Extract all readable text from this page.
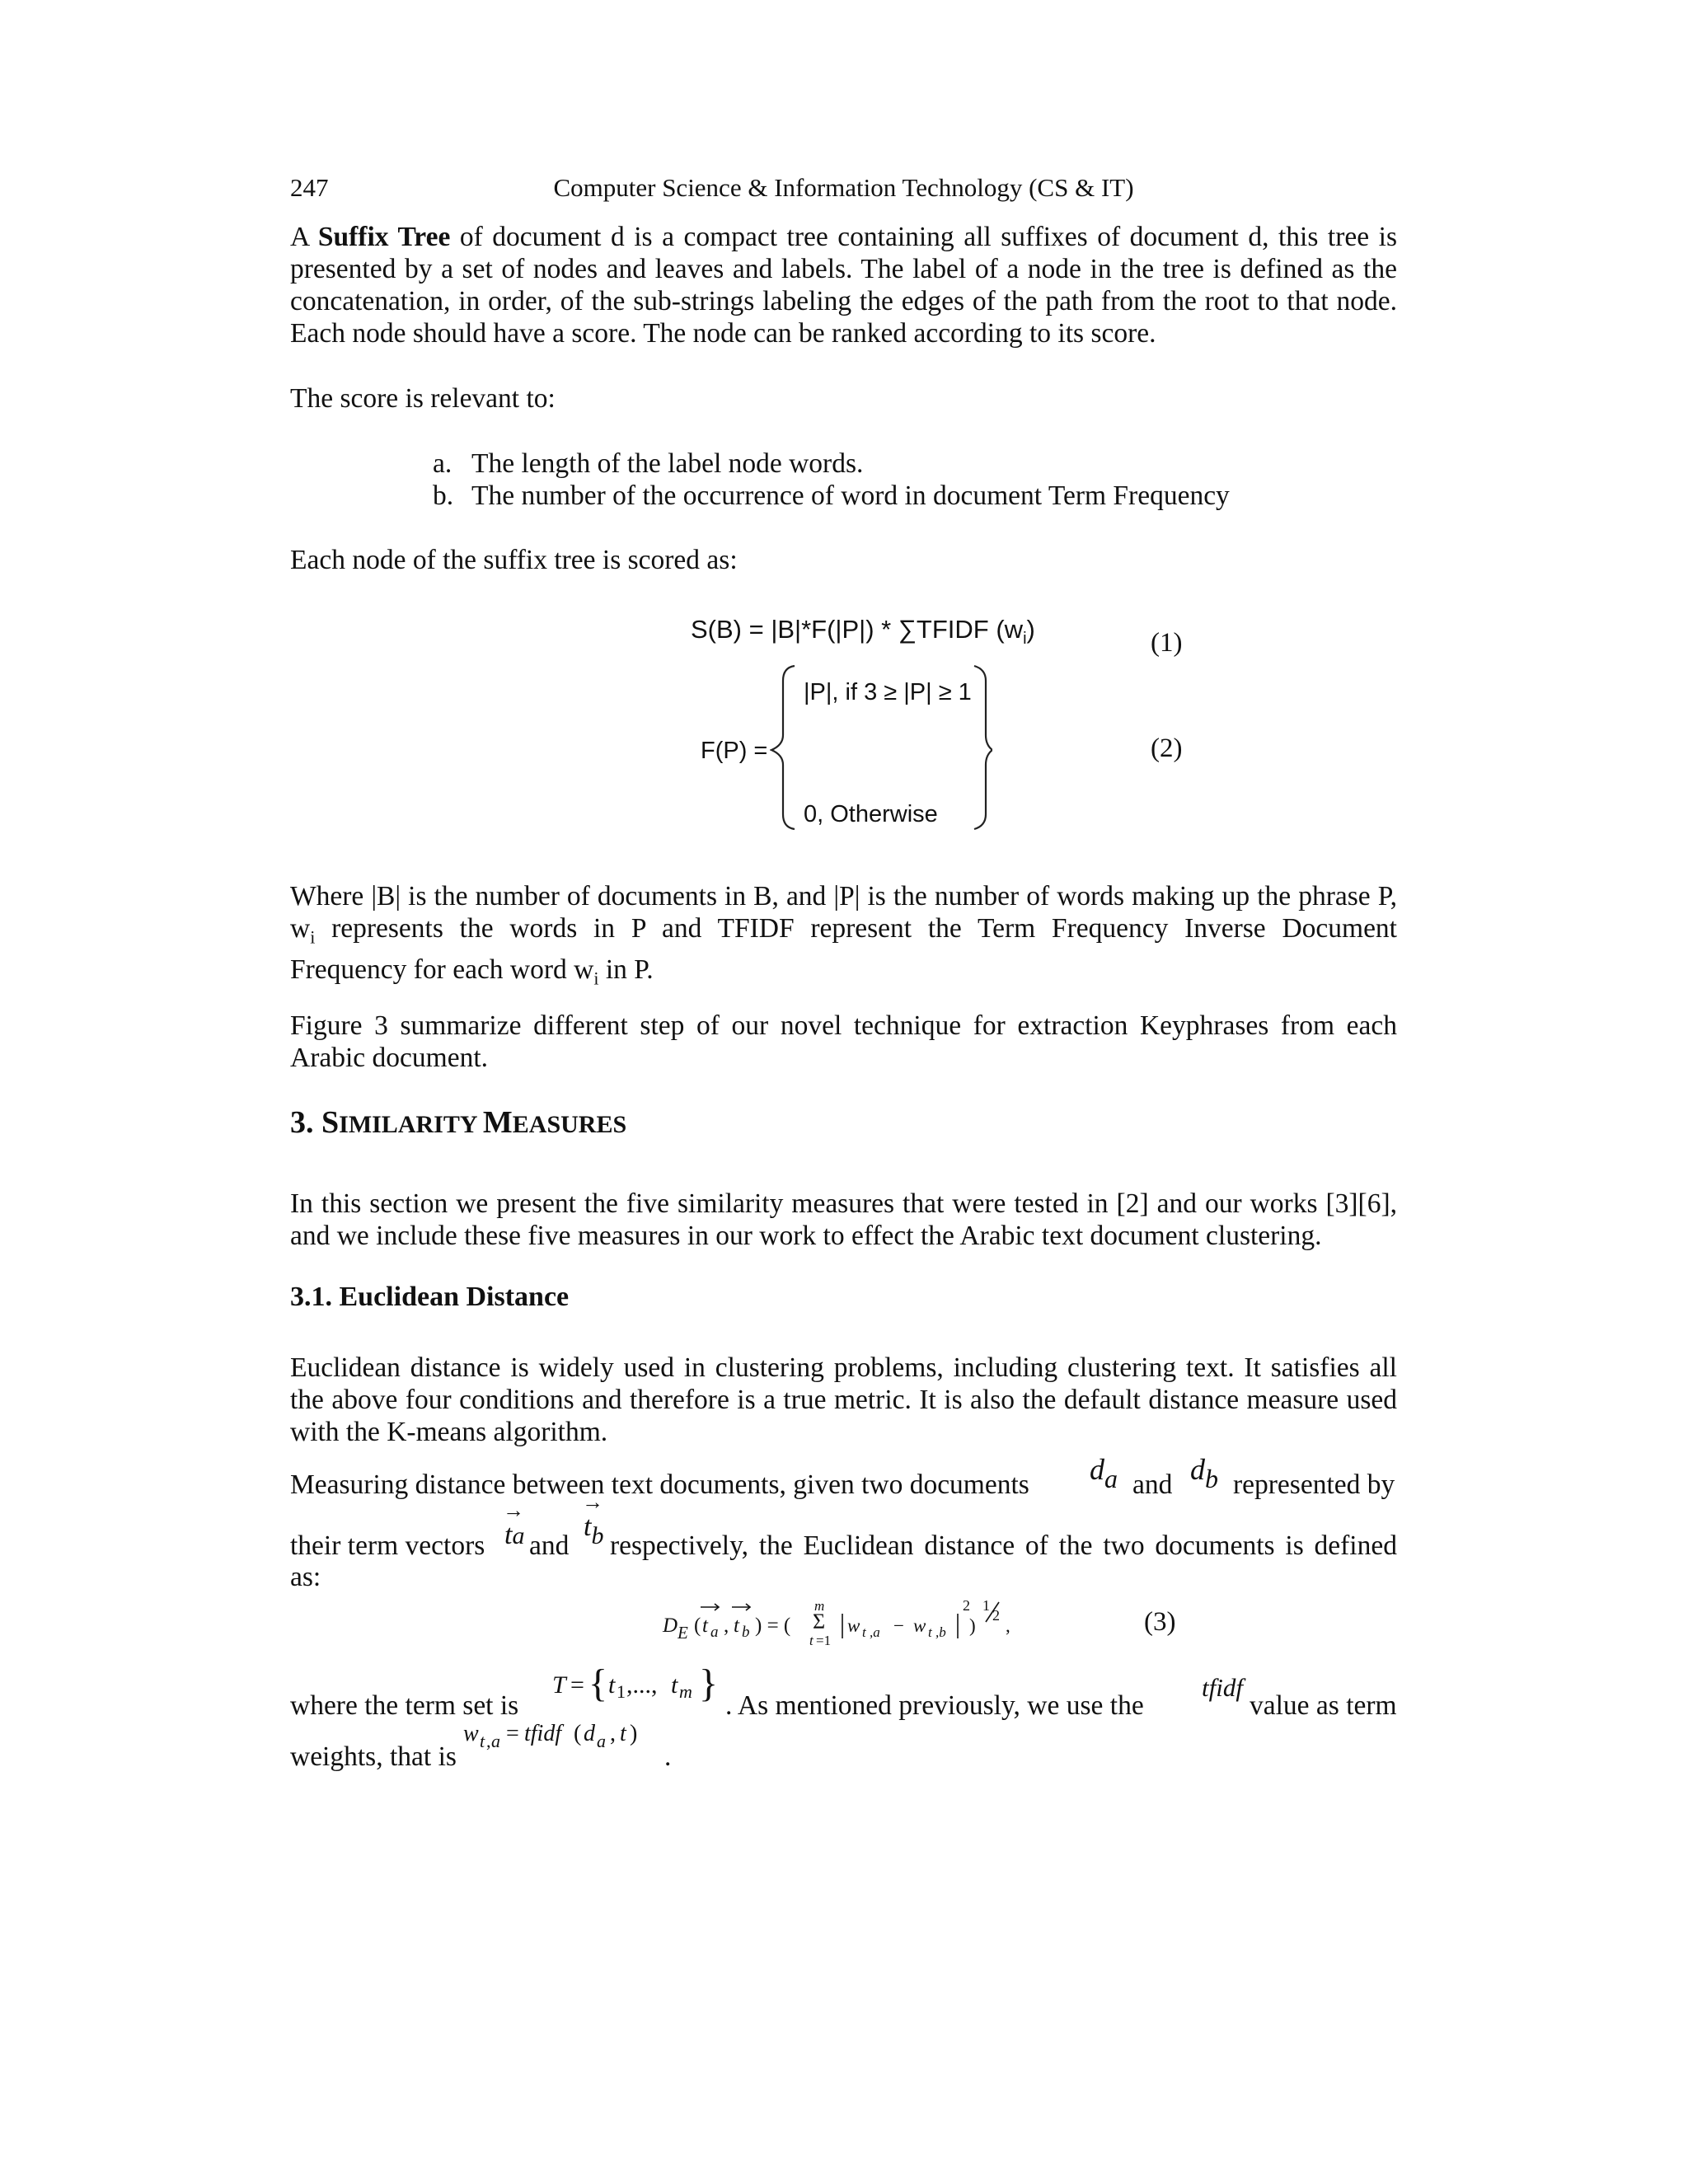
247	Computer Science & Information Technology (CS & IT)
A Suffix Tree of document d is a compact tree containing all suffixes of document d, this tree is presented by a set of nodes and leaves and labels. The label of a node in the tree is defined as the concatenation, in order, of the sub-strings labeling the edges of the path from the root to that node. Each node should have a score. The node can be ranked according to its score.
The score is relevant to:
a. The length of the label node words.
b. The number of the occurrence of word in document Term Frequency
Each node of the suffix tree is scored as:
S(B) = |B|*F(|P|) * ∑TFIDF $(w_i)$	(1)
F(P) =
|P|, if 3 ≥ |P| ≥ 1
0, Otherwise
(2)
Where |B| is the number of documents in B, and |P| is the number of words making up the phrase P, $w_i$ represents the words in P and TFIDF represent the Term Frequency Inverse Document Frequency for each word $w_i$ in P.
Figure 3 summarize different step of our novel technique for extraction Keyphrases from each Arabic document.
3. SIMILARITY MEASURES
In this section we present the five similarity measures that were tested in [2] and our works [3][6], and we include these five measures in our work to effect the Arabic text document clustering.
3.1. Euclidean Distance
Euclidean distance is widely used in clustering problems, including clustering text. It satisfies all the above four conditions and therefore is a true metric. It is also the default distance measure used with the K-means algorithm.
Measuring distance between text documents, given two documents da and db represented by
their term vectors
→ ta and
→ tb respectively, the Euclidean distance of the two documents is defined
as:
D E ( t a , t b ) = (
m
Σ
t =1
w t ,a − w t ,b
2
)
1
2 ,	(3)
where the term set is
T = { t 1 ,..., t m }
. As mentioned previously, we use the
tfidf
value as term
weights, that is
w t , a = tfidf ( d a , t )
.
